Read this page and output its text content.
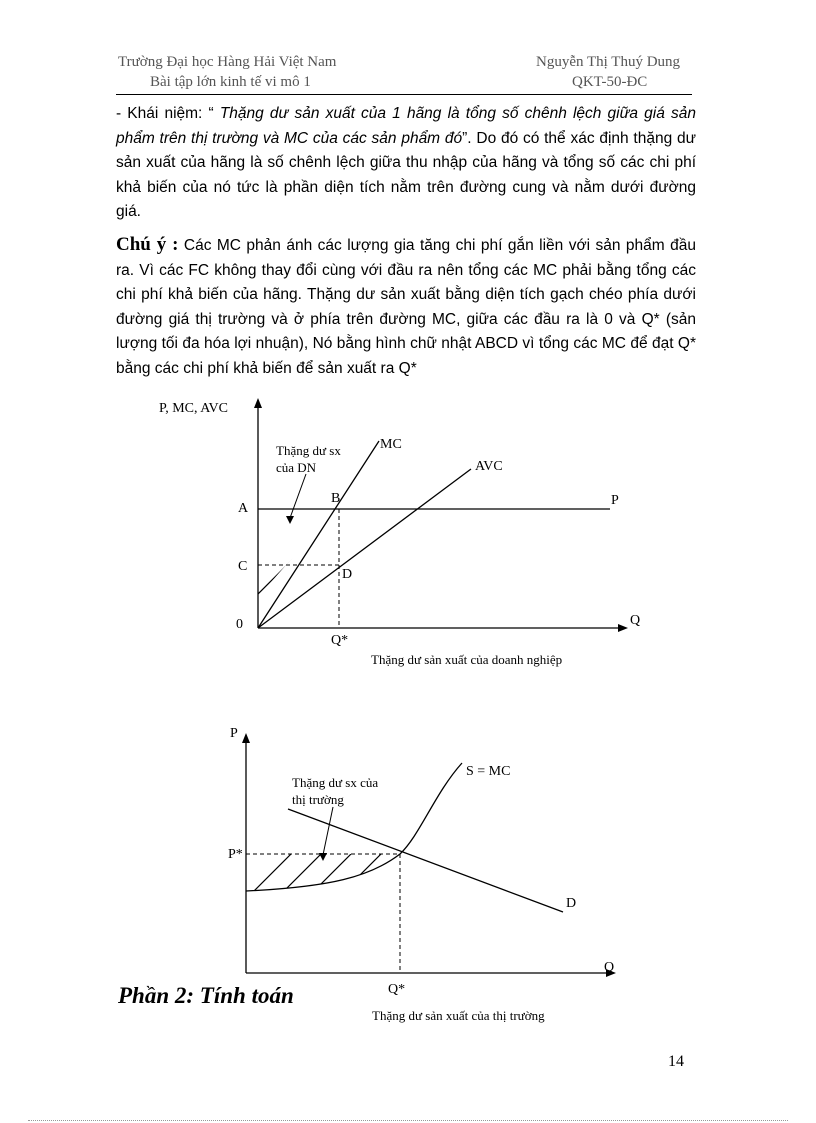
Trường Đại học Hàng Hải Việt Nam
Bài tập lớn kinh tế vi mô 1
Nguyễn Thị Thuý Dung
QKT-50-ĐC

- Khái niệm: “ Thặng dư sản xuất của 1 hãng là tổng số chênh lệch giữa giá sản phẩm trên thị trường và MC của các sản phẩm đó”. Do đó có thể xác định thặng dư sản xuất của hãng là số chênh lệch giữa thu nhập của hãng và tổng số các chi phí khả biến của nó tức là phần diện tích nằm trên đường cung và nằm dưới đường giá.

Chú ý : Các MC phản ánh các lượng gia tăng chi phí gắn liền với sản phẩm đầu ra. Vì các FC không thay đổi cùng với đầu ra nên tổng các MC phải bằng tổng các chi phí khả biến của hãng. Thặng dư sản xuất bằng diện tích gạch chéo phía dưới đường giá thị trường và ở phía trên đường MC, giữa các đầu ra là 0 và Q* (sản lượng tối đa hóa lợi nhuận), Nó bằng hình chữ nhật ABCD vì tổng các MC để đạt Q* bằng các chi phí khả biến để sản xuất ra Q*

P, MC, AVC
A
B
C
D
0
Q*
Q
MC
AVC
P
Thặng dư sx
của DN
Thặng dư sản xuất của doanh nghiệp
P
P*
Q*
Q
S = MC
D
Thặng dư sx của
thị trường
Thặng dư sản xuất của thị trường
Phần 2: Tính toán
14
